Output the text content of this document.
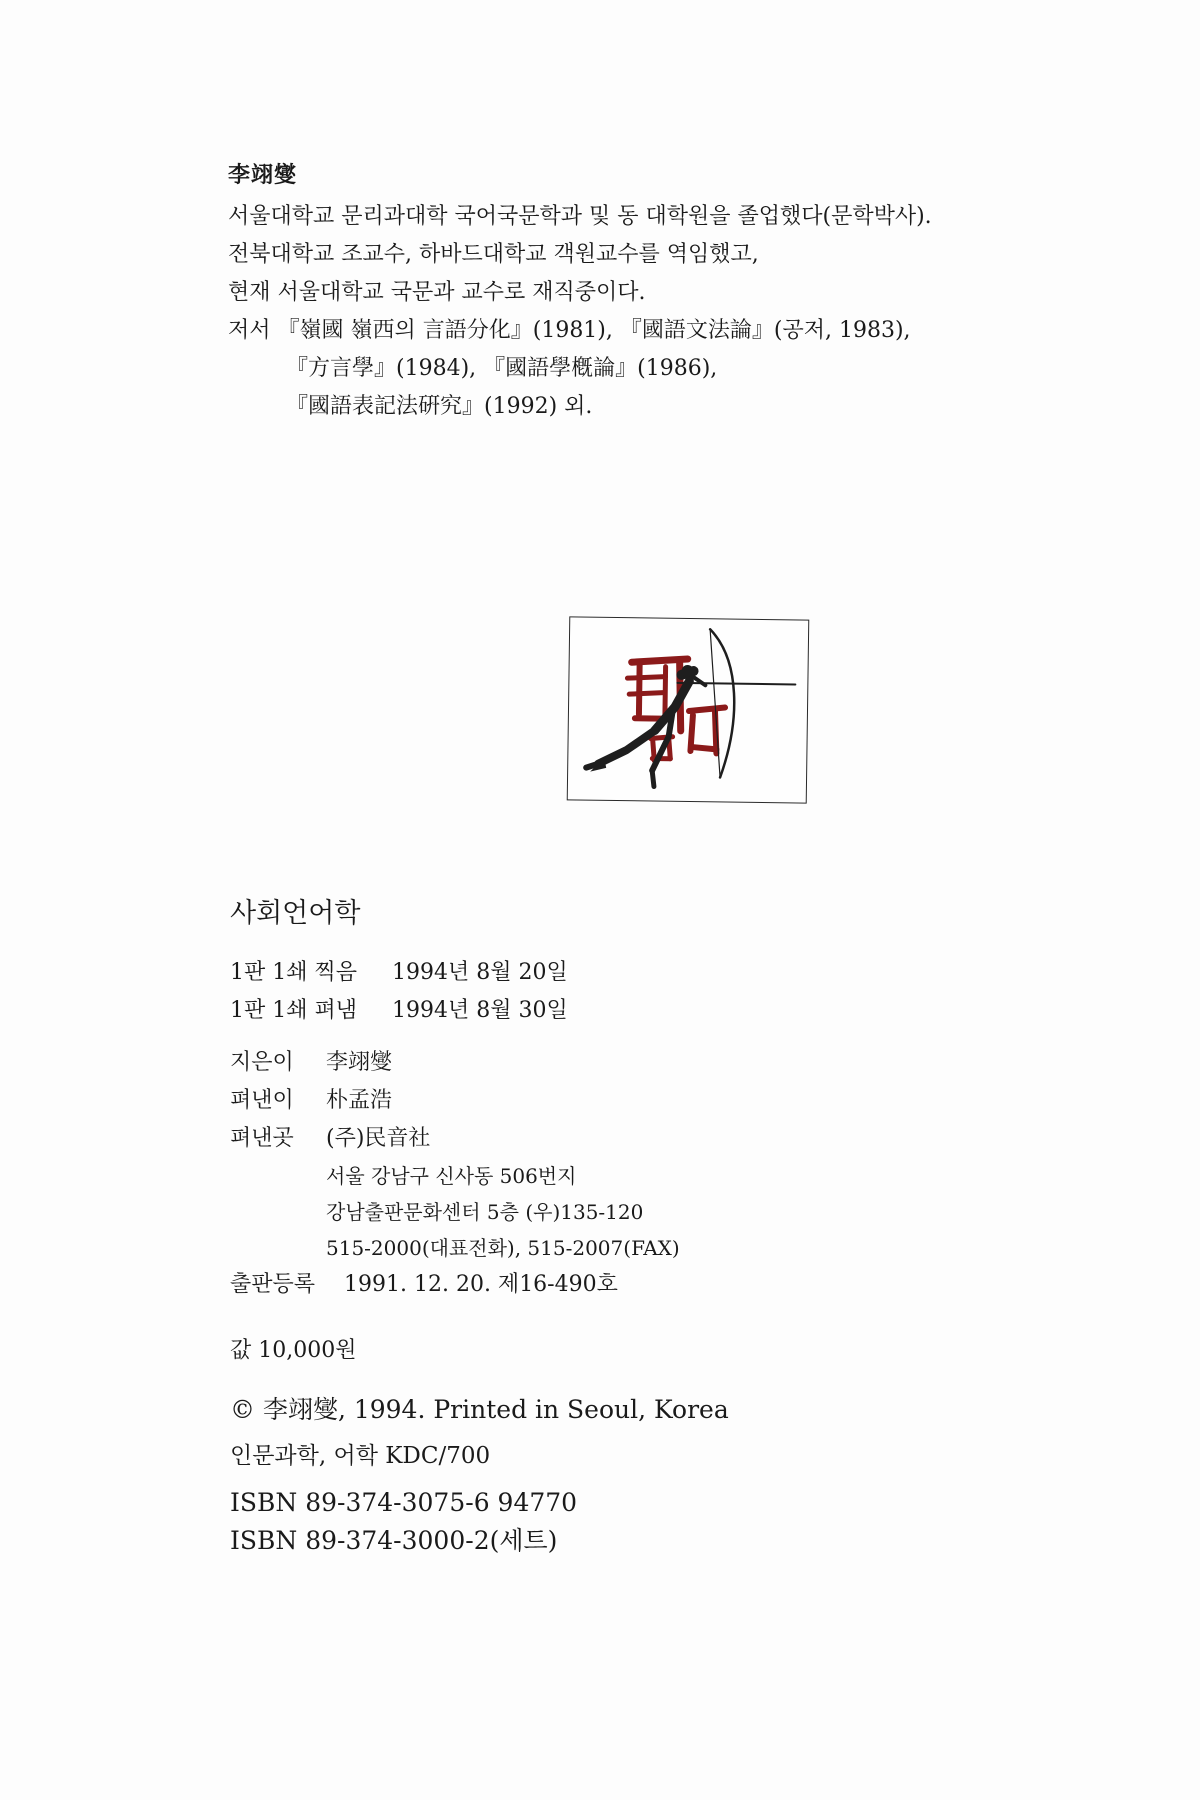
李翊燮
서울대학교 문리과대학 국어국문학과 및 동 대학원을 졸업했다(문학박사).
전북대학교 조교수, 하바드대학교 객원교수를 역임했고,
현재 서울대학교 국문과 교수로 재직중이다.
저서 『嶺國 嶺西의 言語分化』(1981), 『國語文法論』(공저, 1983),
『方言學』(1984), 『國語學槪論』(1986),
『國語表記法硏究』(1992) 외.
사회언어학
1판 1쇄 찍음 1994년 8월 20일
1판 1쇄 펴냄 1994년 8월 30일
지은이 李翊燮
펴낸이 朴孟浩
펴낸곳 (주)民音社
서울 강남구 신사동 506번지
강남출판문화센터 5층 (우)135-120
515-2000(대표전화), 515-2007(FAX)
출판등록 1991. 12. 20. 제16-490호
값 10,000원
© 李翊燮, 1994. Printed in Seoul, Korea
인문과학, 어학 KDC/700
ISBN 89-374-3075-6 94770
ISBN 89-374-3000-2(세트)
